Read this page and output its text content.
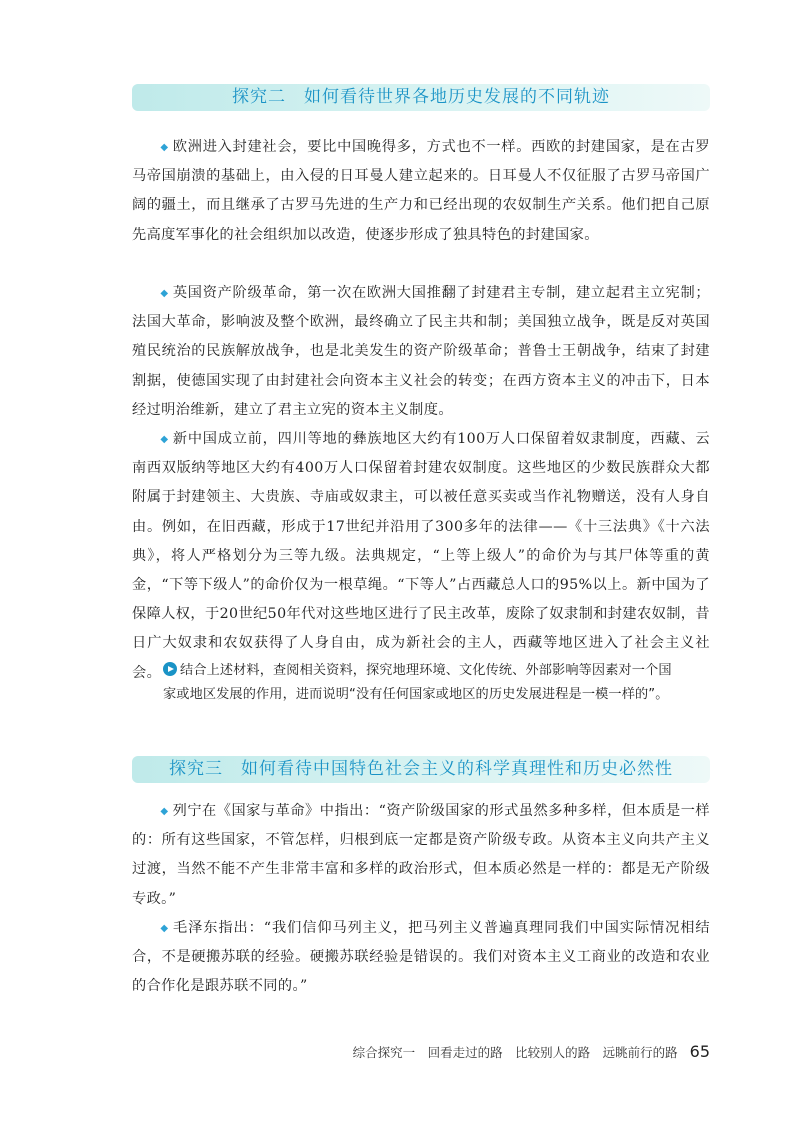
探究二　如何看待世界各地历史发展的不同轨迹

◆ 欧洲进入封建社会，要比中国晚得多，方式也不一样。西欧的封建国家，是在古罗马帝国崩溃的基础上，由入侵的日耳曼人建立起来的。日耳曼人不仅征服了古罗马帝国广阔的疆土，而且继承了古罗马先进的生产力和已经出现的农奴制生产关系。他们把自己原先高度军事化的社会组织加以改造，使逐步形成了独具特色的封建国家。

◆ 英国资产阶级革命，第一次在欧洲大国推翻了封建君主专制，建立起君主立宪制；法国大革命，影响波及整个欧洲，最终确立了民主共和制；美国独立战争，既是反对英国殖民统治的民族解放战争，也是北美发生的资产阶级革命；普鲁士王朝战争，结束了封建割据，使德国实现了由封建社会向资本主义社会的转变；在西方资本主义的冲击下，日本经过明治维新，建立了君主立宪的资本主义制度。

◆ 新中国成立前，四川等地的彝族地区大约有100万人口保留着奴隶制度，西藏、云南西双版纳等地区大约有400万人口保留着封建农奴制度。这些地区的少数民族群众大都附属于封建领主、大贵族、寺庙或奴隶主，可以被任意买卖或当作礼物赠送，没有人身自由。例如，在旧西藏，形成于17世纪并沿用了300多年的法律——《十三法典》《十六法典》，将人严格划分为三等九级。法典规定，“上等上级人”的命价为与其尸体等重的黄金，“下等下级人”的命价仅为一根草绳。“下等人”占西藏总人口的95%以上。新中国为了保障人权，于20世纪50年代对这些地区进行了民主改革，废除了奴隶制和封建农奴制，昔日广大奴隶和农奴获得了人身自由，成为新社会的主人，西藏等地区进入了社会主义社会。	结合上述材料，查阅相关资料，探究地理环境、文化传统、外部影响等因素对一个国家或地区发展的作用，进而说明“没有任何国家或地区的历史发展进程是一模一样的”。

探究三　如何看待中国特色社会主义的科学真理性和历史必然性

◆ 列宁在《国家与革命》中指出：“资产阶级国家的形式虽然多种多样，但本质是一样的：所有这些国家，不管怎样，归根到底一定都是资产阶级专政。从资本主义向共产主义过渡，当然不能不产生非常丰富和多样的政治形式，但本质必然是一样的：都是无产阶级专政。”

◆ 毛泽东指出：“我们信仰马列主义，把马列主义普遍真理同我们中国实际情况相结合，不是硬搬苏联的经验。硬搬苏联经验是错误的。我们对资本主义工商业的改造和农业的合作化是跟苏联不同的。”

综合探究一　回看走过的路　比较别人的路　远眺前行的路 65
